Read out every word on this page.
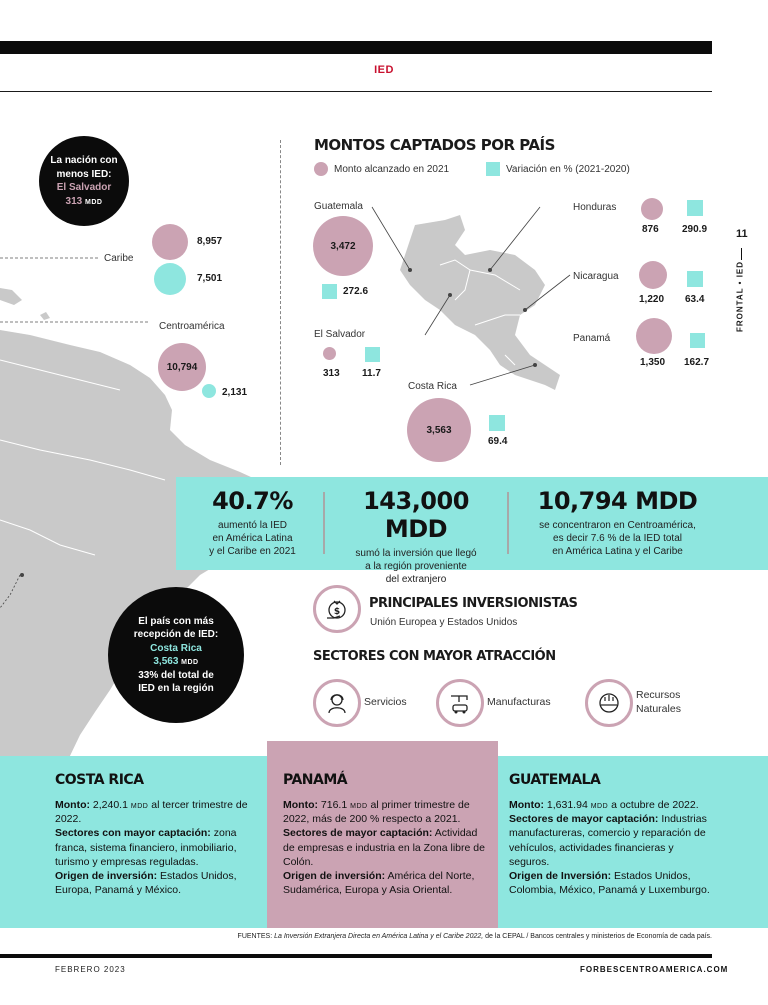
IED
La nación con
menos IED:
El Salvador
313 MDD
Caribe
8,957
7,501
Centroamérica
10,794
2,131
MONTOS CAPTADOS POR PAÍS
Monto alcanzado en 2021	Variación en % (2021-2020)
Guatemala
3,472
272.6
Honduras
876 290.9
Nicaragua
1,220 63.4
El Salvador
313 11.7
Panamá
1,350 162.7
Costa Rica
3,563
69.4
11
FRONTAL • IED
40.7%
aumentó la IED
en América Latina
y el Caribe en 2021
143,000 MDD
sumó la inversión que llegó
a la región proveniente
del extranjero
10,794 MDD
se concentraron en Centroamérica,
es decir 7.6 % de la IED total
en América Latina y el Caribe
El país con más
recepción de IED:
Costa Rica
3,563 MDD
33% del total de
IED en la región
$
PRINCIPALES INVERSIONISTAS
Unión Europea y Estados Unidos
SECTORES CON MAYOR ATRACCIÓN
Servicios	Manufacturas
Recursos
Naturales
COSTA RICA
Monto: 2,240.1 MDD al tercer trimestre de 2022.
Sectores con mayor captación: zona franca, sistema financiero, inmobiliario, turismo y empresas reguladas.
Origen de inversión: Estados Unidos, Europa, Panamá y México.
PANAMÁ
Monto: 716.1 MDD al primer trimestre de 2022, más de 200 % respecto a 2021.
Sectores de mayor captación: Actividad de empresas e industria en la Zona libre de Colón.
Origen de inversión: América del Norte, Sudamérica, Europa y Asia Oriental.
GUATEMALA
Monto: 1,631.94 MDD a octubre de 2022.
Sectores de mayor captación: Industrias manufactureras, comercio y reparación de vehículos, actividades financieras y seguros.
Origen de Inversión: Estados Unidos, Colombia, México, Panamá y Luxemburgo.
FUENTES: La Inversión Extranjera Directa en América Latina y el Caribe 2022, de la CEPAL / Bancos centrales y ministerios de Economía de cada país.
FEBRERO 2023	FORBESCENTROAMERICA.COM
